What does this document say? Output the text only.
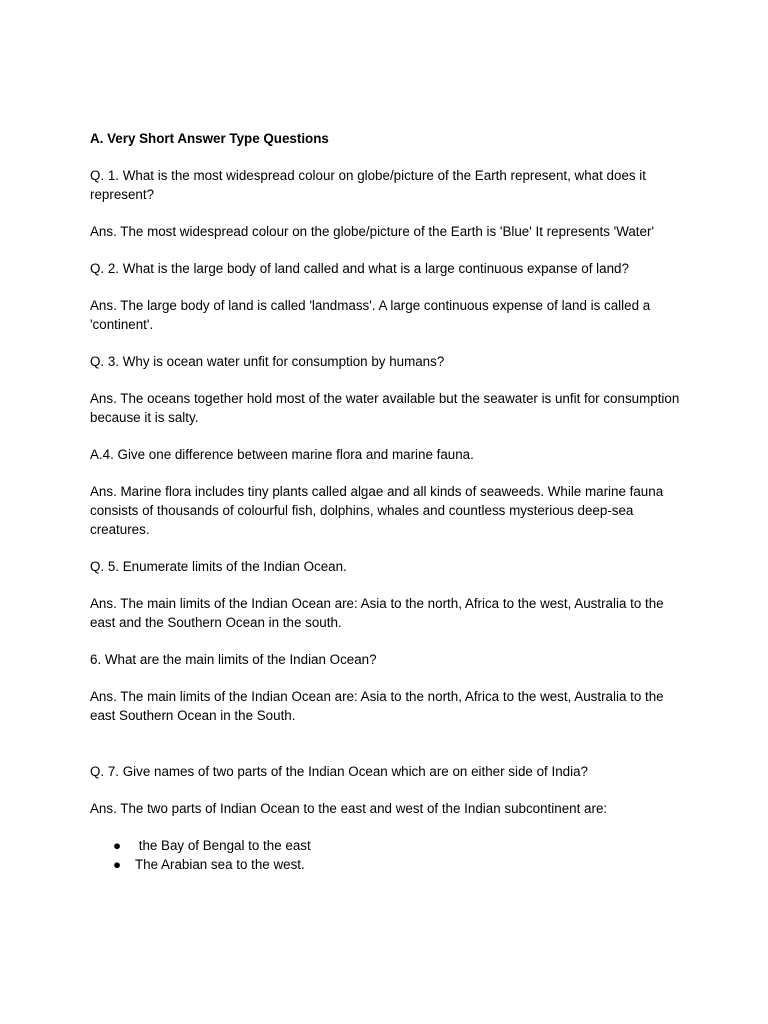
A. Very Short Answer Type Questions
Q. 1. What is the most widespread colour on globe/picture of the Earth represent, what does it represent?
Ans. The most widespread colour on the globe/picture of the Earth is 'Blue' It represents 'Water'
Q. 2. What is the large body of land called and what is a large continuous expanse of land?
Ans. The large body of land is called 'landmass'. A large continuous expense of land is called a 'continent'.
Q. 3. Why is ocean water unfit for consumption by humans?
Ans. The oceans together hold most of the water available but the seawater is unfit for consumption because it is salty.
A.4. Give one difference between marine flora and marine fauna.
Ans. Marine flora includes tiny plants called algae and all kinds of seaweeds. While marine fauna consists of thousands of colourful fish, dolphins, whales and countless mysterious deep-sea creatures.
Q. 5. Enumerate limits of the Indian Ocean.
Ans. The main limits of the Indian Ocean are: Asia to the north, Africa to the west, Australia to the east and the Southern Ocean in the south.
6. What are the main limits of the Indian Ocean?
Ans. The main limits of the Indian Ocean are: Asia to the north, Africa to the west, Australia to the east Southern Ocean in the South.
Q. 7. Give names of two parts of the Indian Ocean which are on either side of India?
Ans. The two parts of Indian Ocean to the east and west of the Indian subcontinent are:
● the Bay of Bengal to the east
● The Arabian sea to the west.
